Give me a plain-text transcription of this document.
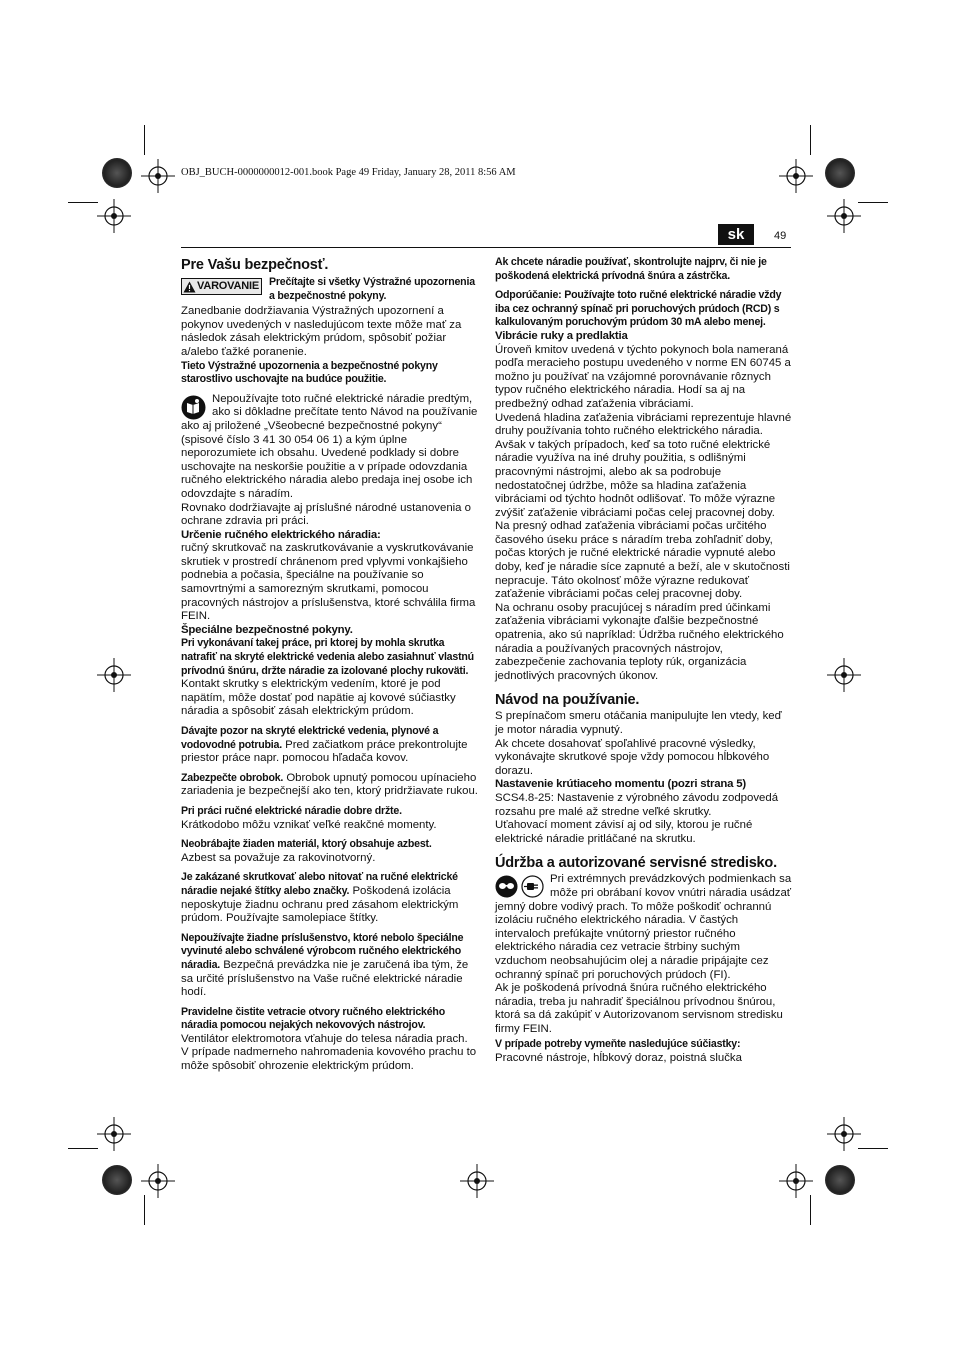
OBJ_BUCH-0000000012-001.book Page 49 Friday, January 28, 2011 8:56 AM
sk	49

Pre Vašu bezpečnosť.

VAROVANIE Prečítajte si všetky Výstražné upozornenia a bezpečnostné pokyny.

Zanedbanie dodržiavania Výstražných upozornení a pokynov uvedených v nasledujúcom texte môže mať za následok zásah elektrickým prúdom, spôsobiť požiar a/alebo ťažké poranenie.

Tieto Výstražné upozornenia a bezpečnostné pokyny starostlivo uschovajte na budúce použitie.

Nepoužívajte toto ručné elektrické náradie predtým, ako si dôkladne prečítate tento Návod na používanie ako aj priložené „Všeobecné bezpečnostné pokyny“ (spisové číslo 3 41 30 054 06 1) a kým úplne neporozumiete ich obsahu. Uvedené podklady si dobre uschovajte na neskoršie použitie a v prípade odovzdania ručného elektrického náradia alebo predaja inej osobe ich odovzdajte s náradím.

Rovnako dodržiavajte aj príslušné národné ustanovenia o ochrane zdravia pri práci.

Určenie ručného elektrického náradia:

ručný skrutkovač na zaskrutkovávanie a vyskrutkovávanie skrutiek v prostredí chránenom pred vplyvmi vonkajšieho podnebia a počasia, špeciálne na používanie so samovrtnými a samorezným skrutkami, pomocou pracovných nástrojov a príslušenstva, ktoré schválila firma FEIN.

Špeciálne bezpečnostné pokyny.

Pri vykonávaní takej práce, pri ktorej by mohla skrutka natrafiť na skryté elektrické vedenia alebo zasiahnuť vlastnú prívodnú šnúru, držte náradie za izolované plochy rukoväti. Kontakt skrutky s elektrickým vedením, ktoré je pod napätím, môže dostať pod napätie aj kovové súčiastky náradia a spôsobiť zásah elektrickým prúdom.

Dávajte pozor na skryté elektrické vedenia, plynové a vodovodné potrubia. Pred začiatkom práce prekontrolujte priestor práce napr. pomocou hľadača kovov.

Zabezpečte obrobok. Obrobok upnutý pomocou upínacieho zariadenia je bezpečnejší ako ten, ktorý pridržiavate rukou.

Pri práci ručné elektrické náradie dobre držte.
Krátkodobo môžu vznikať veľké reakčné momenty.

Neobrábajte žiaden materiál, ktorý obsahuje azbest.
Azbest sa považuje za rakovinotvorný.

Je zakázané skrutkovať alebo nitovať na ručné elektrické náradie nejaké štítky alebo značky. Poškodená izolácia neposkytuje žiadnu ochranu pred zásahom elektrickým prúdom. Používajte samolepiace štítky.

Nepoužívajte žiadne príslušenstvo, ktoré nebolo špeciálne vyvinuté alebo schválené výrobcom ručného elektrického náradia. Bezpečná prevádzka nie je zaručená iba tým, že sa určité príslušenstvo na Vaše ručné elektrické náradie hodí.

Pravidelne čistite vetracie otvory ručného elektrického náradia pomocou nejakých nekovových nástrojov.
Ventilátor elektromotora vťahuje do telesa náradia prach. V prípade nadmerneho nahromadenia kovového prachu to môže spôsobiť ohrozenie elektrickým prúdom.

Ak chcete náradie používať, skontrolujte najprv, či nie je poškodená elektrická prívodná šnúra a zástrčka.

Odporúčanie: Používajte toto ručné elektrické náradie vždy iba cez ochranný spínač pri poruchových prúdoch (RCD) s kalkulovaným poruchovým prúdom 30 mA alebo menej.

Vibrácie ruky a predlaktia

Úroveň kmitov uvedená v týchto pokynoch bola nameraná podľa meracieho postupu uvedeného v norme EN 60745 a možno ju používať na vzájomné porovnávanie rôznych typov ručného elektrického náradia. Hodí sa aj na predbežný odhad zaťaženia vibráciami.

Uvedená hladina zaťaženia vibráciami reprezentuje hlavné druhy používania tohto ručného elektrického náradia. Avšak v takých prípadoch, keď sa toto ručné elektrické náradie využíva na iné druhy použitia, s odlišnými pracovnými nástrojmi, alebo ak sa podrobuje nedostatočnej údržbe, môže sa hladina zaťaženia vibráciami od týchto hodnôt odlišovať. To môže výrazne zvýšiť zaťaženie vibráciami počas celej pracovnej doby.

Na presný odhad zaťaženia vibráciami počas určitého časového úseku práce s náradím treba zohľadniť doby, počas ktorých je ručné elektrické náradie vypnuté alebo doby, keď je náradie síce zapnuté a beží, ale v skutočnosti nepracuje. Táto okolnosť môže výrazne redukovať zaťaženie vibráciami počas celej pracovnej doby.

Na ochranu osoby pracujúcej s náradím pred účinkami zaťaženia vibráciami vykonajte ďalšie bezpečnostné opatrenia, ako sú napríklad: Údržba ručného elektrického náradia a používaných pracovných nástrojov, zabezpečenie zachovania teploty rúk, organizácia jednotlivých pracovných úkonov.

Návod na používanie.

S prepínačom smeru otáčania manipulujte len vtedy, keď je motor náradia vypnutý.

Ak chcete dosahovať spoľahlivé pracovné výsledky, vykonávajte skrutkové spoje vždy pomocou hĺbkového dorazu.

Nastavenie krútiaceho momentu (pozri strana 5)

SCS4.8-25: Nastavenie z výrobného závodu zodpovedá rozsahu pre malé až stredne veľké skrutky.

Uťahovací moment závisí aj od sily, ktorou je ručné elektrické náradie pritláčané na skrutku.

Údržba a autorizované servisné stredisko.

Pri extrémnych prevádzkových podmienkach sa môže pri obrábaní kovov vnútri náradia usádzať jemný dobre vodivý prach. To môže poškodiť ochrannú izoláciu ručného elektrického náradia. V častých intervaloch prefúkajte vnútorný priestor ručného elektrického náradia cez vetracie štrbiny suchým vzduchom neobsahujúcim olej a náradie pripájajte cez ochranný spínač pri poruchových prúdoch (FI).

Ak je poškodená prívodná šnúra ručného elektrického náradia, treba ju nahradiť špeciálnou prívodnou šnúrou, ktorá sa dá zakúpiť v Autorizovanom servisnom stredisku firmy FEIN.

V prípade potreby vymeňte nasledujúce súčiastky:

Pracovné nástroje, hĺbkový doraz, poistná slučka
